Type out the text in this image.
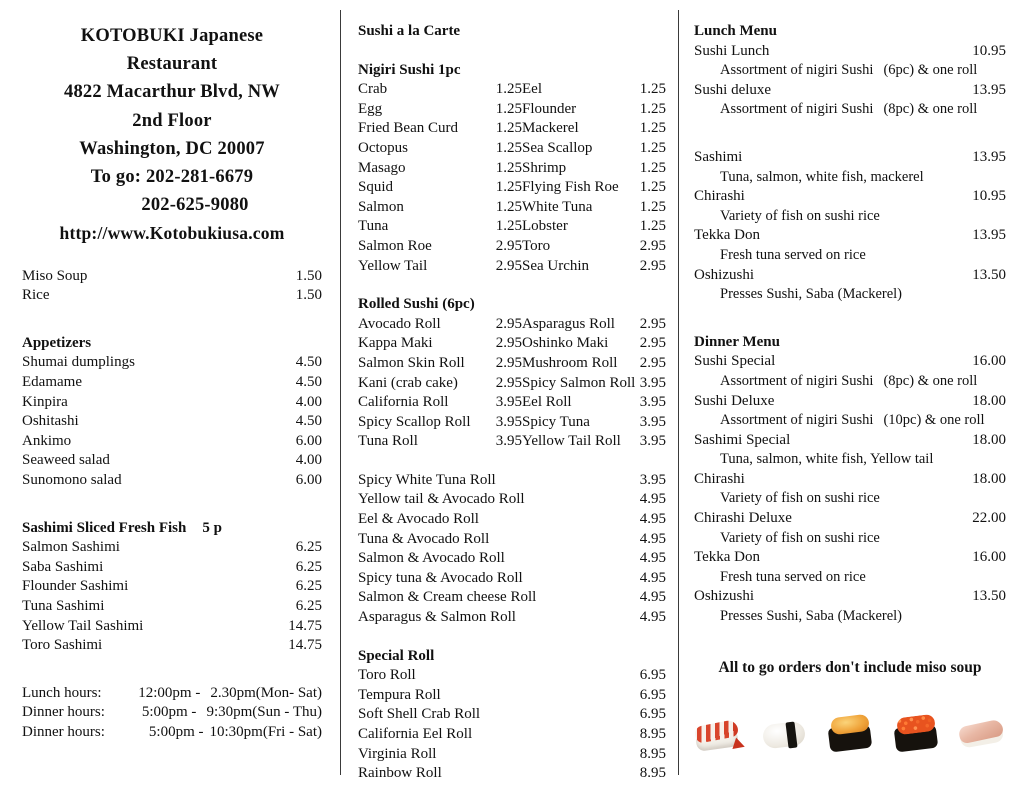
KOTOBUKI Japanese
Restaurant
4822 Macarthur Blvd, NW
2nd Floor
Washington, DC 20007
To go: 202-281-6679
202-625-9080
http://www.Kotobukiusa.com
Miso Soup	1.50
Rice	1.50
Appetizers
Shumai dumplings	4.50
Edamame	4.50
Kinpira	4.00
Oshitashi	4.50
Ankimo	6.00
Seaweed salad	4.00
Sunomono salad	6.00
Sashimi Sliced Fresh Fish 5 p
Salmon Sashimi	6.25
Saba Sashimi	6.25
Flounder Sashimi	6.25
Tuna Sashimi	6.25
Yellow Tail Sashimi	14.75
Toro Sashimi	14.75
Lunch hours:	12:00pm - 2.30pm(Mon- Sat)
Dinner hours:	5:00pm - 9:30pm(Sun - Thu)
Dinner hours:	5:00pm - 10:30pm(Fri - Sat)
Sushi a la Carte
Nigiri Sushi 1pc
Crab	1.25 Eel	1.25
Egg	1.25 Flounder	1.25
Fried Bean Curd	1.25 Mackerel	1.25
Octopus	1.25 Sea Scallop	1.25
Masago	1.25 Shrimp	1.25
Squid	1.25 Flying Fish Roe	1.25
Salmon	1.25 White Tuna	1.25
Tuna	1.25 Lobster	1.25
Salmon Roe	2.95 Toro	2.95
Yellow Tail	2.95 Sea Urchin	2.95
Rolled Sushi (6pc)
Avocado Roll	2.95 Asparagus Roll	2.95
Kappa Maki	2.95 Oshinko Maki	2.95
Salmon Skin Roll	2.95 Mushroom Roll	2.95
Kani (crab cake)	2.95 Spicy Salmon Roll 3.95
California Roll	3.95 Eel Roll	3.95
Spicy Scallop Roll	3.95 Spicy Tuna	3.95
Tuna Roll	3.95 Yellow Tail Roll	3.95
Spicy White Tuna Roll	3.95
Yellow tail & Avocado Roll	4.95
Eel & Avocado Roll	4.95
Tuna & Avocado Roll	4.95
Salmon & Avocado Roll	4.95
Spicy tuna & Avocado Roll	4.95
Salmon & Cream cheese Roll	4.95
Asparagus & Salmon Roll	4.95
Special Roll
Toro Roll	6.95
Tempura Roll	6.95
Soft Shell Crab Roll	6.95
California Eel Roll	8.95
Virginia Roll	8.95
Rainbow Roll	8.95
Lunch Menu
Sushi Lunch	10.95
Assortment of nigiri Sushi (6pc) & one roll
Sushi deluxe	13.95
Assortment of nigiri Sushi (8pc) & one roll
Sashimi	13.95
Tuna, salmon, white fish, mackerel
Chirashi	10.95
Variety of fish on sushi rice
Tekka Don	13.95
Fresh tuna served on rice
Oshizushi	13.50
Presses Sushi, Saba (Mackerel)
Dinner Menu
Sushi Special	16.00
Assortment of nigiri Sushi (8pc) & one roll
Sushi Deluxe	18.00
Assortment of nigiri Sushi (10pc) & one roll
Sashimi Special	18.00
Tuna, salmon, white fish, Yellow tail
Chirashi	18.00
Variety of fish on sushi rice
Chirashi Deluxe	22.00
Variety of fish on sushi rice
Tekka Don	16.00
Fresh tuna served on rice
Oshizushi	13.50
Presses Sushi, Saba (Mackerel)
All to go orders don't include miso soup
